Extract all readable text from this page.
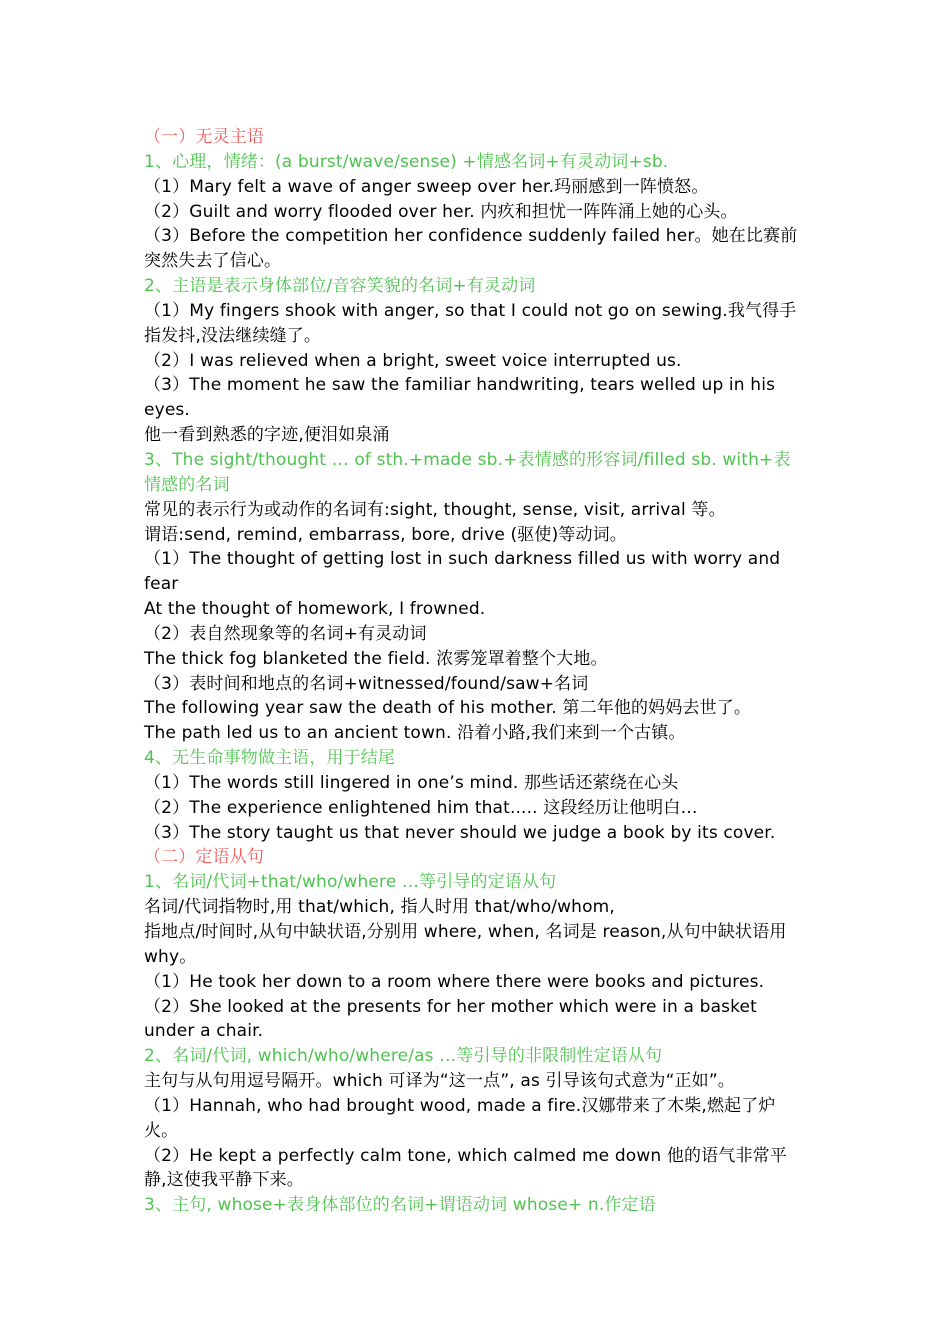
（一）无灵主语

1、心理，情绪：(a burst/wave/sense) +情感名词+有灵动词+sb.

（1）Mary felt a wave of anger sweep over her.玛丽感到一阵愤怒。

（2）Guilt and worry flooded over her. 内疚和担忧一阵阵涌上她的心头。

（3）Before the competition her confidence suddenly failed her。她在比赛前突然失去了信心。

2、主语是表示身体部位/音容笑貌的名词+有灵动词

（1）My fingers shook with anger, so that I could not go on sewing.我气得手指发抖,没法继续缝了。

（2）I was relieved when a bright, sweet voice interrupted us.

（3）The moment he saw the familiar handwriting, tears welled up in his eyes.

他一看到熟悉的字迹,便泪如泉涌

3、The sight/thought … of sth.+made sb.+表情感的形容词/filled sb. with+表情感的名词

常见的表示行为或动作的名词有:sight, thought, sense, visit, arrival 等。

谓语:send, remind, embarrass, bore, drive (驱使)等动词。

（1）The thought of getting lost in such darkness filled us with worry and fear

At the thought of homework, I frowned.

（2）表自然现象等的名词+有灵动词

The thick fog blanketed the field. 浓雾笼罩着整个大地。

（3）表时间和地点的名词+witnessed/found/saw+名词

The following year saw the death of his mother. 第二年他的妈妈去世了。

The path led us to an ancient town. 沿着小路,我们来到一个古镇。

4、无生命事物做主语，用于结尾

（1）The words still lingered in one’s mind. 那些话还萦绕在心头

（2）The experience enlightened him that..... 这段经历让他明白…

（3）The story taught us that never should we judge a book by its cover.

（二）定语从句

1、名词/代词+that/who/where …等引导的定语从句

名词/代词指物时,用 that/which, 指人时用 that/who/whom,

指地点/时间时,从句中缺状语,分别用 where, when, 名词是 reason,从句中缺状语用 why。

（1）He took her down to a room where there were books and pictures.

（2）She looked at the presents for her mother which were in a basket under a chair.

2、名词/代词, which/who/where/as …等引导的非限制性定语从句

主句与从句用逗号隔开。which 可译为“这一点”, as 引导该句式意为“正如”。

（1）Hannah, who had brought wood, made a fire.汉娜带来了木柴,燃起了炉火。

（2）He kept a perfectly calm tone, which calmed me down 他的语气非常平静,这使我平静下来。

3、主句, whose+表身体部位的名词+谓语动词 whose+ n.作定语
